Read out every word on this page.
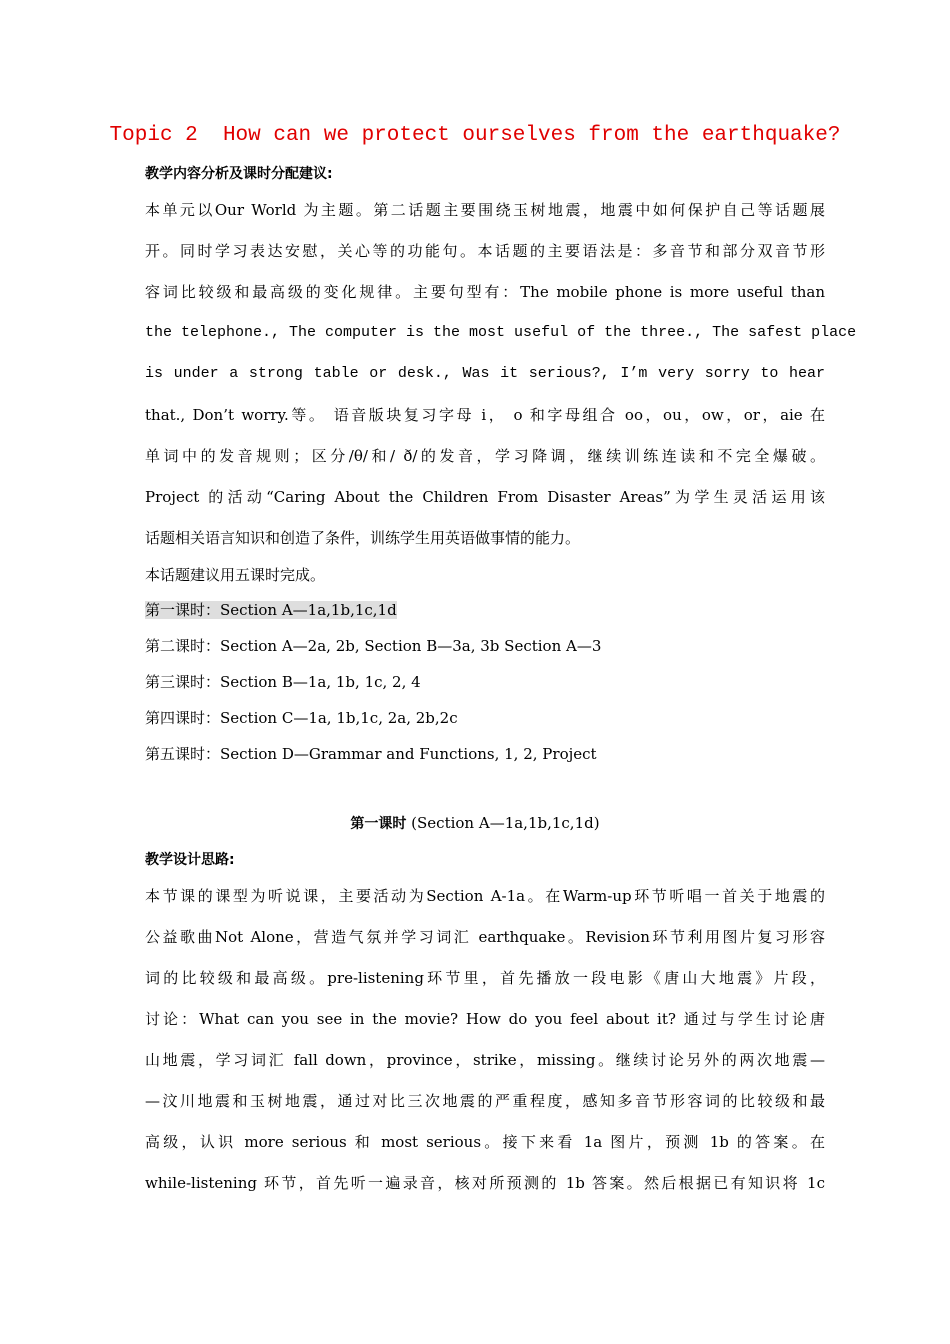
Topic 2  How can we protect ourselves from the earthquake?
教学内容分析及课时分配建议:
本单元以Our World 为主题。第二话题主要围绕玉树地震，地震中如何保护自己等话题展
开。同时学习表达安慰，关心等的功能句。本话题的主要语法是：多音节和部分双音节形
容词比较级和最高级的变化规律。主要句型有：The mobile phone is more useful than
the telephone., The computer is the most useful of the three., The safest place
is under a strong table or desk., Was it serious?, I’m very sorry to hear
that., Don’t worry.等。 语音版块复习字母 i， o 和字母组合 oo，ou，ow，or，aie 在
单词中的发音规则；区分/θ/和/ ð/的发音，学习降调，继续训练连读和不完全爆破。
Project 的活动“Caring About the Children From Disaster Areas”为学生灵活运用该
话题相关语言知识和创造了条件，训练学生用英语做事情的能力。
本话题建议用五课时完成。
第一课时：Section A—1a,1b,1c,1d
第二课时：Section A—2a, 2b, Section B—3a, 3b Section A—3
第三课时：Section B—1a, 1b, 1c, 2, 4
第四课时：Section C—1a, 1b,1c, 2a, 2b,2c
第五课时：Section D—Grammar and Functions, 1, 2, Project
第一课时 (Section A—1a,1b,1c,1d)
教学设计思路:
本节课的课型为听说课，主要活动为Section A-1a。在Warm-up环节听唱一首关于地震的
公益歌曲Not Alone，营造气氛并学习词汇 earthquake。Revision环节利用图片复习形容
词的比较级和最高级。pre-listening环节里，首先播放一段电影《唐山大地震》片段，
讨论：What can you see in the movie? How do you feel about it? 通过与学生讨论唐
山地震，学习词汇 fall down，province，strike，missing。继续讨论另外的两次地震—
—汶川地震和玉树地震，通过对比三次地震的严重程度，感知多音节形容词的比较级和最
高级，认识 more serious 和 most serious。接下来看 1a 图片，预测 1b 的答案。在
while-listening 环节，首先听一遍录音，核对所预测的 1b 答案。然后根据已有知识将 1c
